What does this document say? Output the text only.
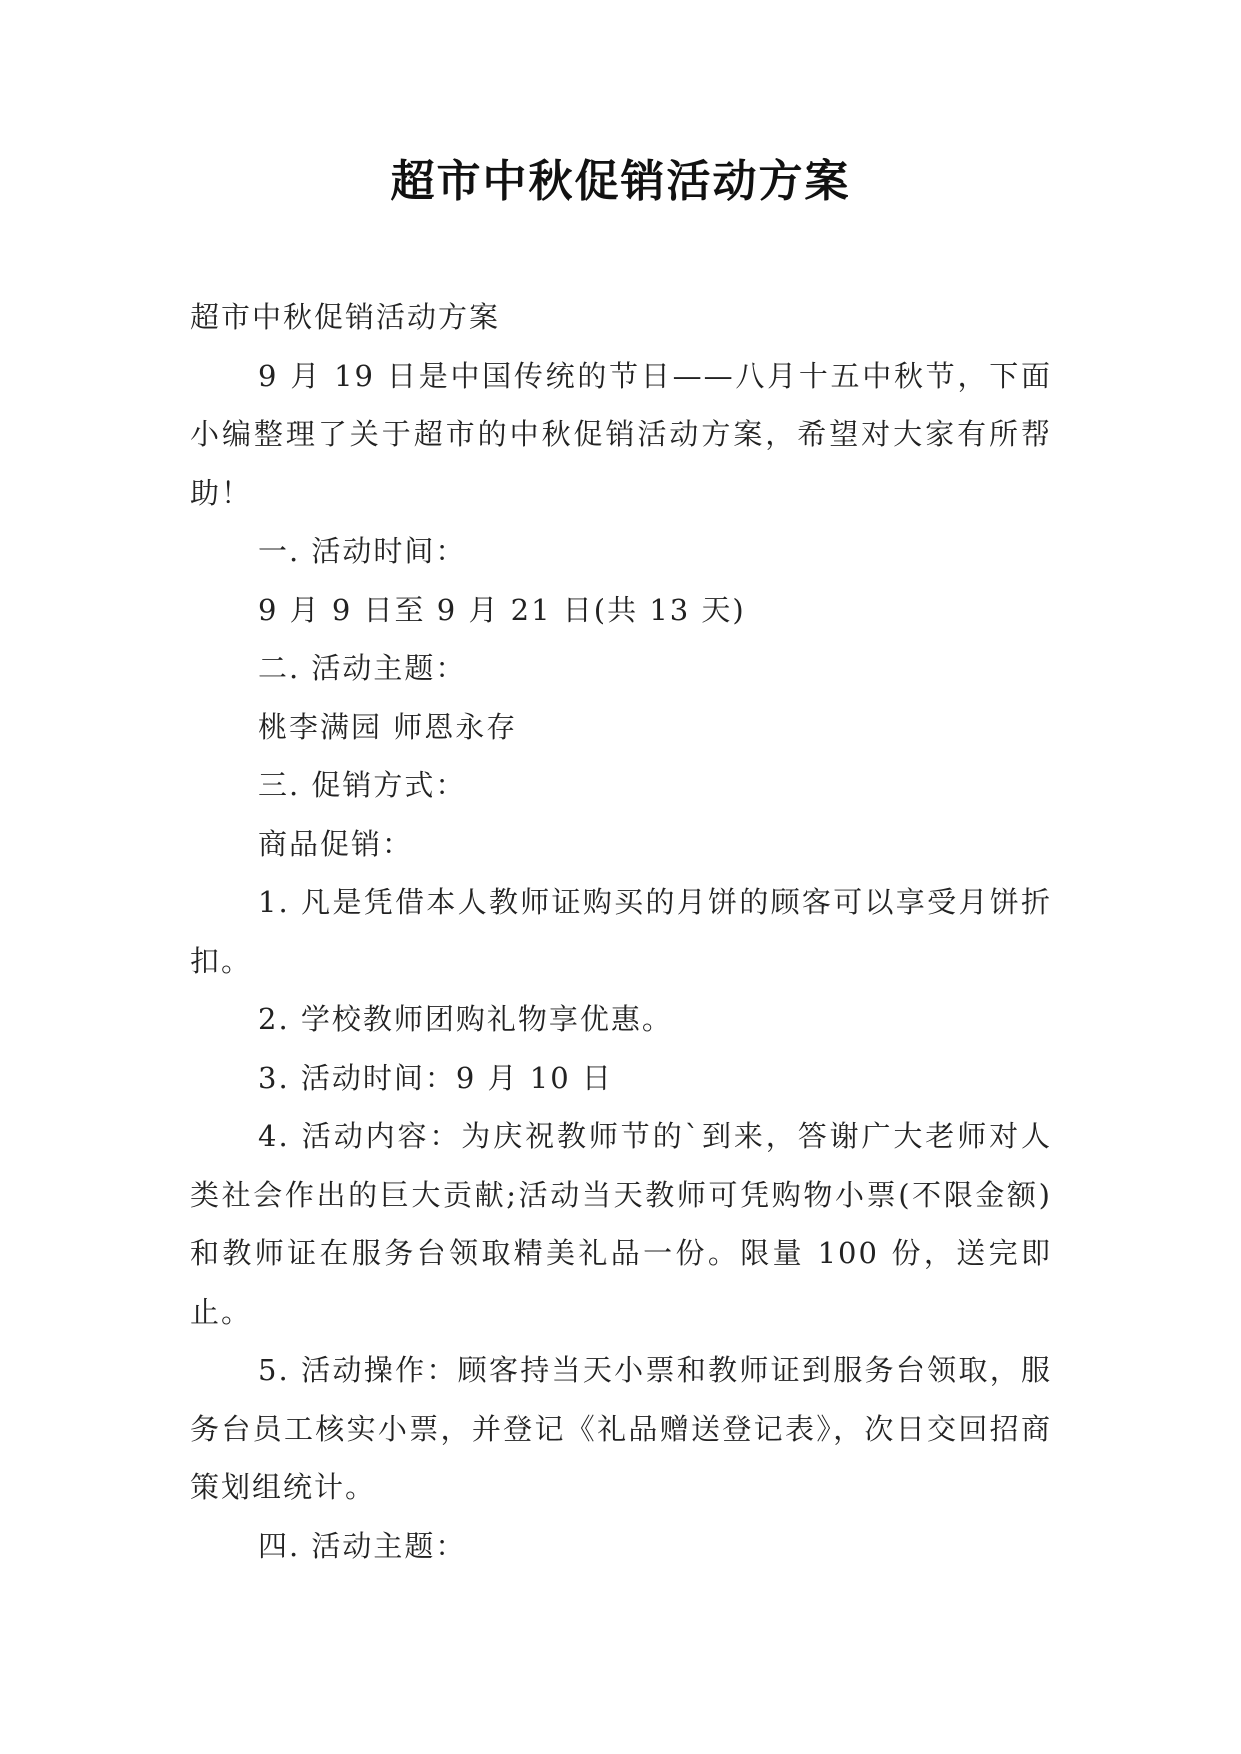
超市中秋促销活动方案

超市中秋促销活动方案

9 月 19 日是中国传统的节日——八月十五中秋节，下面小编整理了关于超市的中秋促销活动方案，希望对大家有所帮助！

一. 活动时间：

9 月 9 日至 9 月 21 日(共 13 天)

二. 活动主题：

桃李满园 师恩永存

三. 促销方式：

商品促销：

1. 凡是凭借本人教师证购买的月饼的顾客可以享受月饼折扣。

2. 学校教师团购礼物享优惠。

3. 活动时间：9 月 10 日

4. 活动内容：为庆祝教师节的`到来，答谢广大老师对人类社会作出的巨大贡献;活动当天教师可凭购物小票(不限金额)和教师证在服务台领取精美礼品一份。限量 100 份，送完即止。

5. 活动操作：顾客持当天小票和教师证到服务台领取，服务台员工核实小票，并登记《礼品赠送登记表》，次日交回招商策划组统计。

四. 活动主题：
